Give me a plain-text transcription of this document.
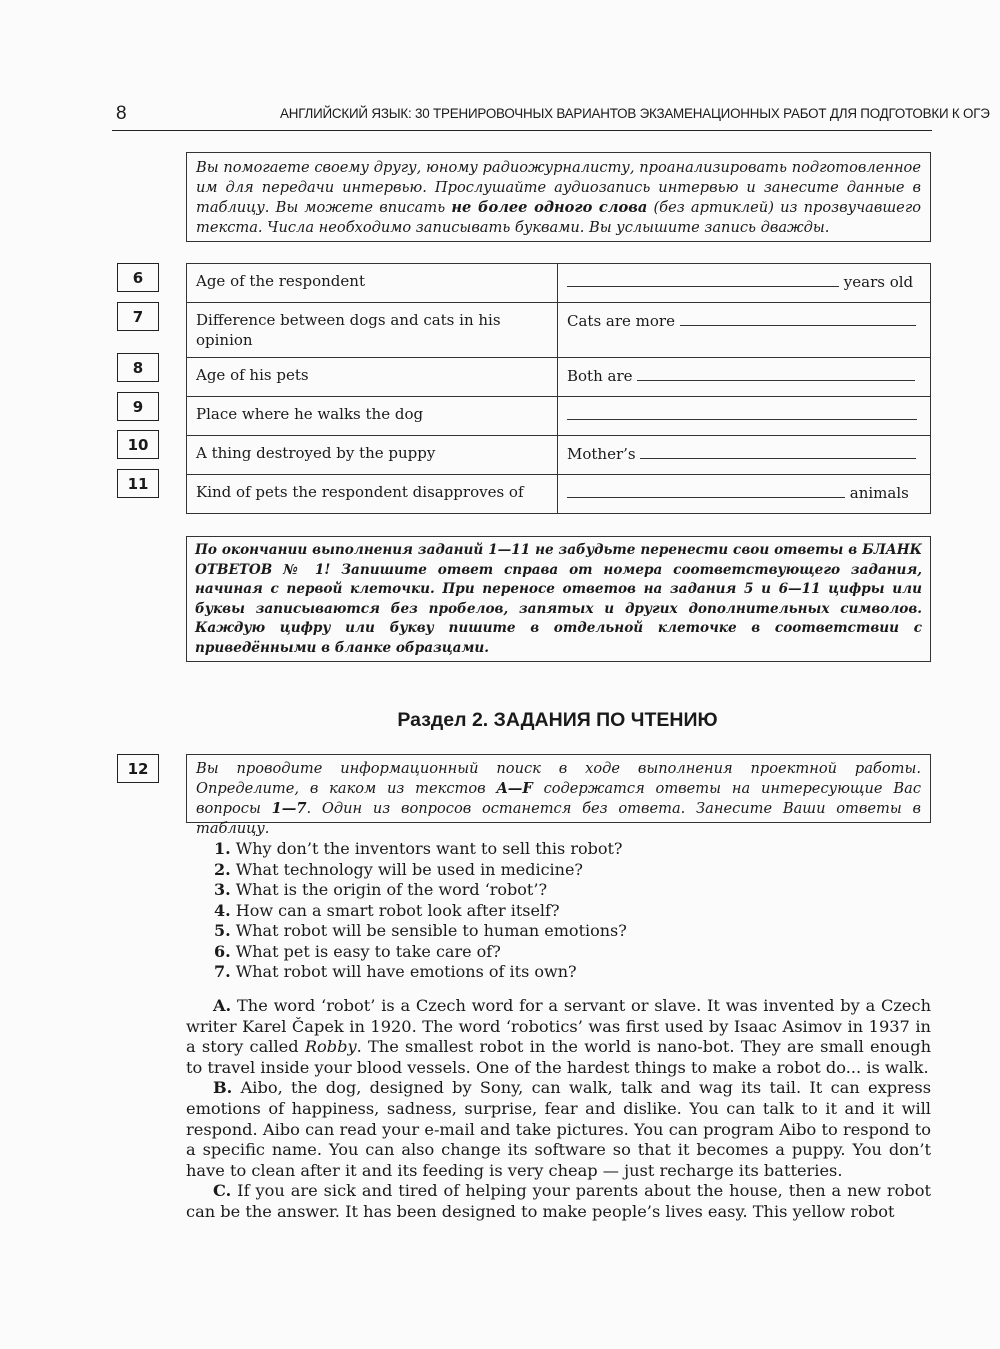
8	АНГЛИЙСКИЙ ЯЗЫК: 30 ТРЕНИРОВОЧНЫХ ВАРИАНТОВ ЭКЗАМЕНАЦИОННЫХ РАБОТ ДЛЯ ПОДГОТОВКИ К ОГЭ
Вы помогаете своему другу, юному радиожурналисту, проанализировать подготовленное им для передачи интервью. Прослушайте аудиозапись интервью и занесите данные в таблицу. Вы можете вписать не более одного слова (без артиклей) из прозвучавшего текста. Числа необходимо записывать буквами. Вы услышите запись дважды.
6
7
8
9
10
11
Age of the respondent	years old
Difference between dogs and cats in his opinion	Cats are more
Age of his pets	Both are
Place where he walks the dog	
A thing destroyed by the puppy	Mother’s
Kind of pets the respondent disapproves of	animals
По окончании выполнения заданий 1—11 не забудьте перенести свои ответы в БЛАНК ОТВЕТОВ № 1! Запишите ответ справа от номера соответствующего задания, начиная с первой клеточки. При переносе ответов на задания 5 и 6—11 цифры или буквы записываются без пробелов, запятых и других дополнительных символов. Каждую цифру или букву пишите в отдельной клеточке в соответствии с приведёнными в бланке образцами.
Раздел 2. ЗАДАНИЯ ПО ЧТЕНИЮ
12	Вы проводите информационный поиск в ходе выполнения проектной работы. Определите, в каком из текстов A—F содержатся ответы на интересующие Вас вопросы 1—7. Один из вопросов останется без ответа. Занесите Ваши ответы в таблицу.
1. Why don’t the inventors want to sell this robot?
2. What technology will be used in medicine?
3. What is the origin of the word ‘robot’?
4. How can a smart robot look after itself?
5. What robot will be sensible to human emotions?
6. What pet is easy to take care of?
7. What robot will have emotions of its own?

A. The word ‘robot’ is a Czech word for a servant or slave. It was invented by a Czech writer Karel Čapek in 1920. The word ‘robotics’ was first used by Isaac Asimov in 1937 in a story called Robby. The smallest robot in the world is nano-bot. They are small enough to travel inside your blood vessels. One of the hardest things to make a robot do... is walk.

B. Aibo, the dog, designed by Sony, can walk, talk and wag its tail. It can express emotions of happiness, sadness, surprise, fear and dislike. You can talk to it and it will respond. Aibo can read your e-mail and take pictures. You can program Aibo to respond to a specific name. You can also change its software so that it becomes a puppy. You don’t have to clean after it and its feeding is very cheap — just recharge its batteries.

C. If you are sick and tired of helping your parents about the house, then a new robot can be the answer. It has been designed to make people’s lives easy. This yellow robot
